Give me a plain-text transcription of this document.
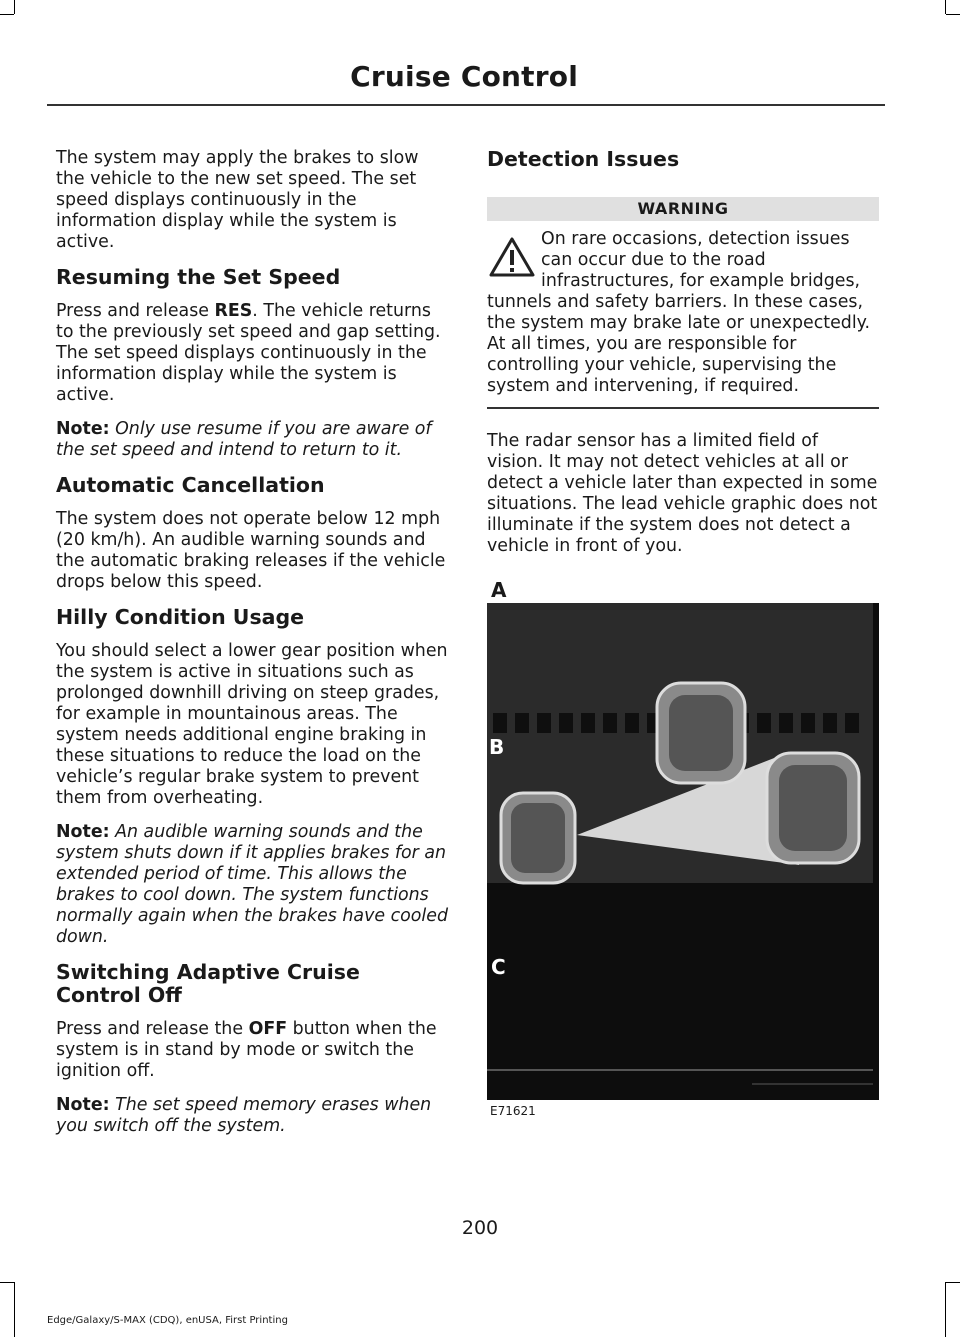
Cruise Control

The system may apply the brakes to slow the vehicle to the new set speed. The set speed displays continuously in the information display while the system is active.

Resuming the Set Speed

Press and release RES. The vehicle returns to the previously set speed and gap setting. The set speed displays continuously in the information display while the system is active.

Note: Only use resume if you are aware of the set speed and intend to return to it.

Automatic Cancellation

The system does not operate below 12 mph (20 km/h). An audible warning sounds and the automatic braking releases if the vehicle drops below this speed.

Hilly Condition Usage

You should select a lower gear position when the system is active in situations such as prolonged downhill driving on steep grades, for example in mountainous areas. The system needs additional engine braking in these situations to reduce the load on the vehicle’s regular brake system to prevent them from overheating.

Note: An audible warning sounds and the system shuts down if it applies brakes for an extended period of time. This allows the brakes to cool down. The system functions normally again when the brakes have cooled down.

Switching Adaptive Cruise Control Off

Press and release the OFF button when the system is in stand by mode or switch the ignition off.

Note: The set speed memory erases when you switch off the system.

Detection Issues
WARNING
On rare occasions, detection issues can occur due to the road infrastructures, for example bridges, tunnels and safety barriers. In these cases, the system may brake late or unexpectedly. At all times, you are responsible for controlling your vehicle, supervising the system and intervening, if required.

The radar sensor has a limited field of vision. It may not detect vehicles at all or detect a vehicle later than expected in some situations. The lead vehicle graphic does not illuminate if the system does not detect a vehicle in front of you.

A
B
C
E71621
200
Edge/Galaxy/S-MAX (CDQ), enUSA, First Printing
